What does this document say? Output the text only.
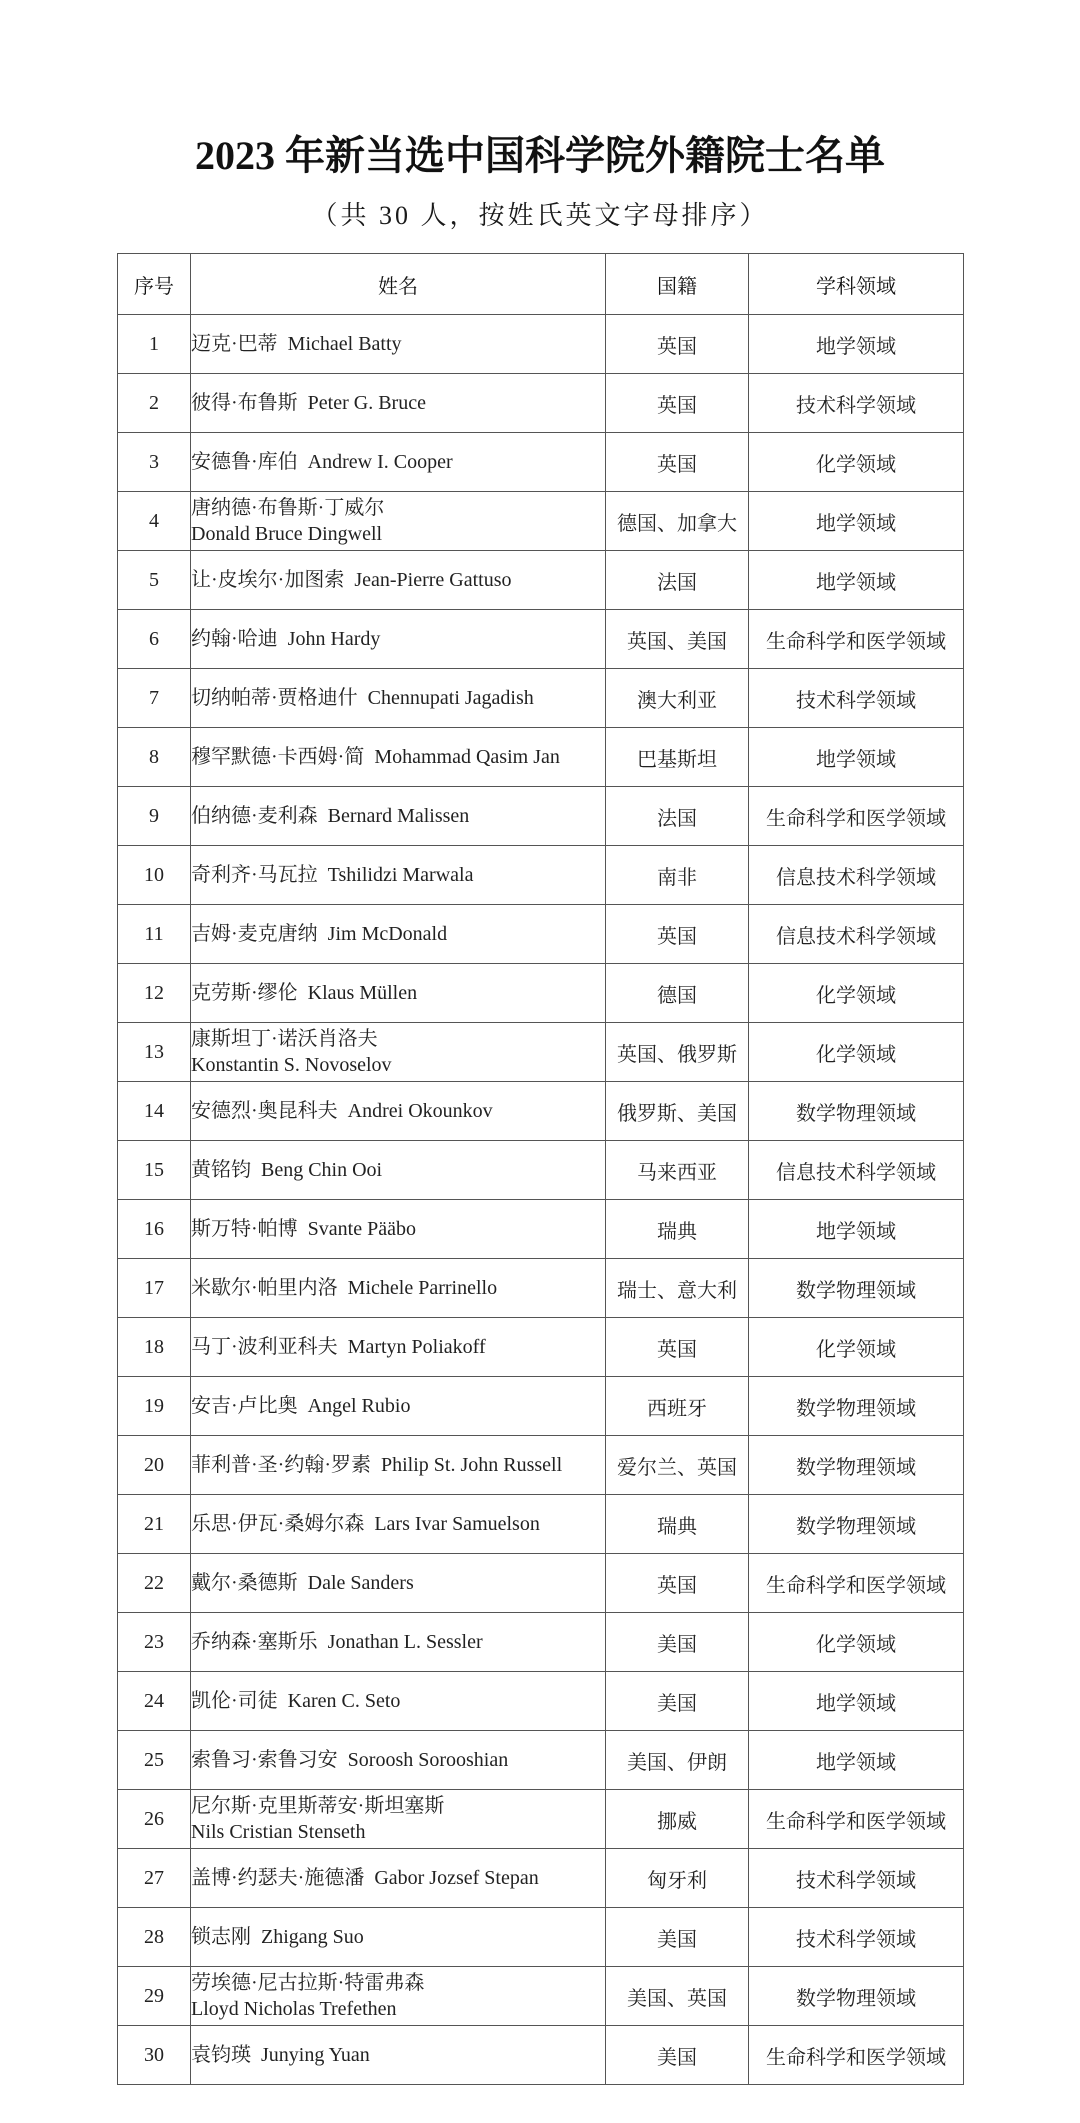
2023 年新当选中国科学院外籍院士名单
（共 30 人，按姓氏英文字母排序）
序号	姓名	国籍	学科领域
1	迈克·巴蒂 Michael Batty	英国	地学领域
2	彼得·布鲁斯 Peter G. Bruce	英国	技术科学领域
3	安德鲁·库伯 Andrew I. Cooper	英国	化学领域
4	唐纳德·布鲁斯·丁威尔
Donald Bruce Dingwell	德国、加拿大	地学领域
5	让·皮埃尔·加图索 Jean-Pierre Gattuso	法国	地学领域
6	约翰·哈迪 John Hardy	英国、美国	生命科学和医学领域
7	切纳帕蒂·贾格迪什 Chennupati Jagadish	澳大利亚	技术科学领域
8	穆罕默德·卡西姆·简 Mohammad Qasim Jan	巴基斯坦	地学领域
9	伯纳德·麦利森 Bernard Malissen	法国	生命科学和医学领域
10	奇利齐·马瓦拉 Tshilidzi Marwala	南非	信息技术科学领域
11	吉姆·麦克唐纳 Jim McDonald	英国	信息技术科学领域
12	克劳斯·缪伦 Klaus Müllen	德国	化学领域
13	康斯坦丁·诺沃肖洛夫
Konstantin S. Novoselov	英国、俄罗斯	化学领域
14	安德烈·奥昆科夫 Andrei Okounkov	俄罗斯、美国	数学物理领域
15	黄铭钧 Beng Chin Ooi	马来西亚	信息技术科学领域
16	斯万特·帕博 Svante Pääbo	瑞典	地学领域
17	米歇尔·帕里内洛 Michele Parrinello	瑞士、意大利	数学物理领域
18	马丁·波利亚科夫 Martyn Poliakoff	英国	化学领域
19	安吉·卢比奥 Angel Rubio	西班牙	数学物理领域
20	菲利普·圣·约翰·罗素 Philip St. John Russell	爱尔兰、英国	数学物理领域
21	乐思·伊瓦·桑姆尔森 Lars Ivar Samuelson	瑞典	数学物理领域
22	戴尔·桑德斯 Dale Sanders	英国	生命科学和医学领域
23	乔纳森·塞斯乐 Jonathan L. Sessler	美国	化学领域
24	凯伦·司徒 Karen C. Seto	美国	地学领域
25	索鲁习·索鲁习安 Soroosh Sorooshian	美国、伊朗	地学领域
26	尼尔斯·克里斯蒂安·斯坦塞斯
Nils Cristian Stenseth	挪威	生命科学和医学领域
27	盖博·约瑟夫·施德潘 Gabor Jozsef Stepan	匈牙利	技术科学领域
28	锁志刚 Zhigang Suo	美国	技术科学领域
29	劳埃德·尼古拉斯·特雷弗森
Lloyd Nicholas Trefethen	美国、英国	数学物理领域
30	袁钧瑛 Junying Yuan	美国	生命科学和医学领域
